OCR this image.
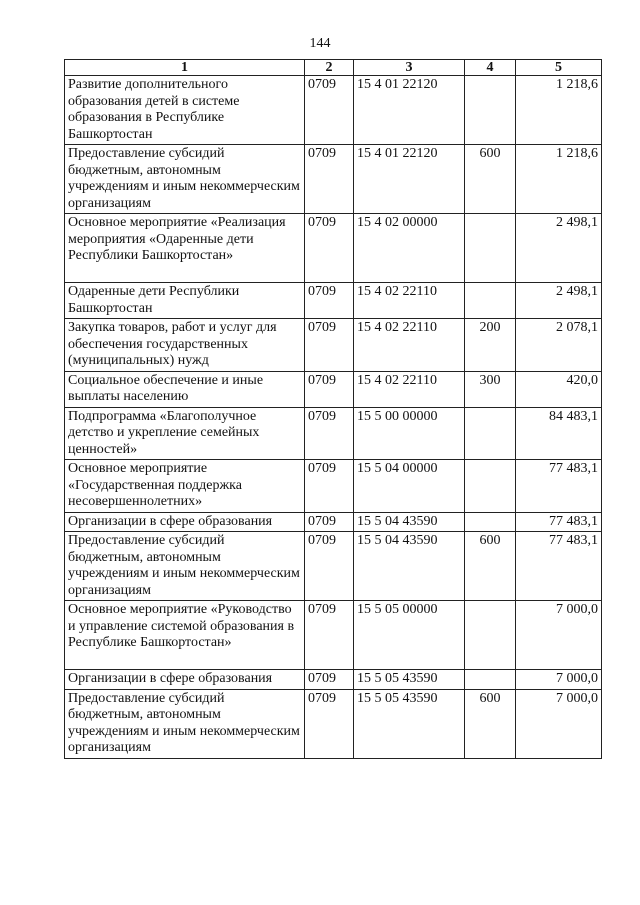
144
1	2	3	4	5
Развитие дополнительного образования детей в системе образования в Республике Башкортостан	0709	15 4 01 22120		1 218,6
Предоставление субсидий бюджетным, автономным учреждениям и иным некоммерческим организациям	0709	15 4 01 22120	600	1 218,6
Основное мероприятие «Реализация мероприятия «Одаренные дети Республики Башкортостан»	0709	15 4 02 00000		2 498,1
Одаренные дети Республики Башкортостан	0709	15 4 02 22110		2 498,1
Закупка товаров, работ и услуг для обеспечения государственных (муниципальных) нужд	0709	15 4 02 22110	200	2 078,1
Социальное обеспечение и иные выплаты населению	0709	15 4 02 22110	300	420,0
Подпрограмма «Благополучное детство и укрепление семейных ценностей»	0709	15 5 00 00000		84 483,1
Основное мероприятие «Государственная поддержка несовершеннолетних»	0709	15 5 04 00000		77 483,1
Организации в сфере образования	0709	15 5 04 43590		77 483,1
Предоставление субсидий бюджетным, автономным учреждениям и иным некоммерческим организациям	0709	15 5 04 43590	600	77 483,1
Основное мероприятие «Руководство и управление системой образования в Республике Башкортостан»	0709	15 5 05 00000		7 000,0
Организации в сфере образования	0709	15 5 05 43590		7 000,0
Предоставление субсидий бюджетным, автономным учреждениям и иным некоммерческим организациям	0709	15 5 05 43590	600	7 000,0
